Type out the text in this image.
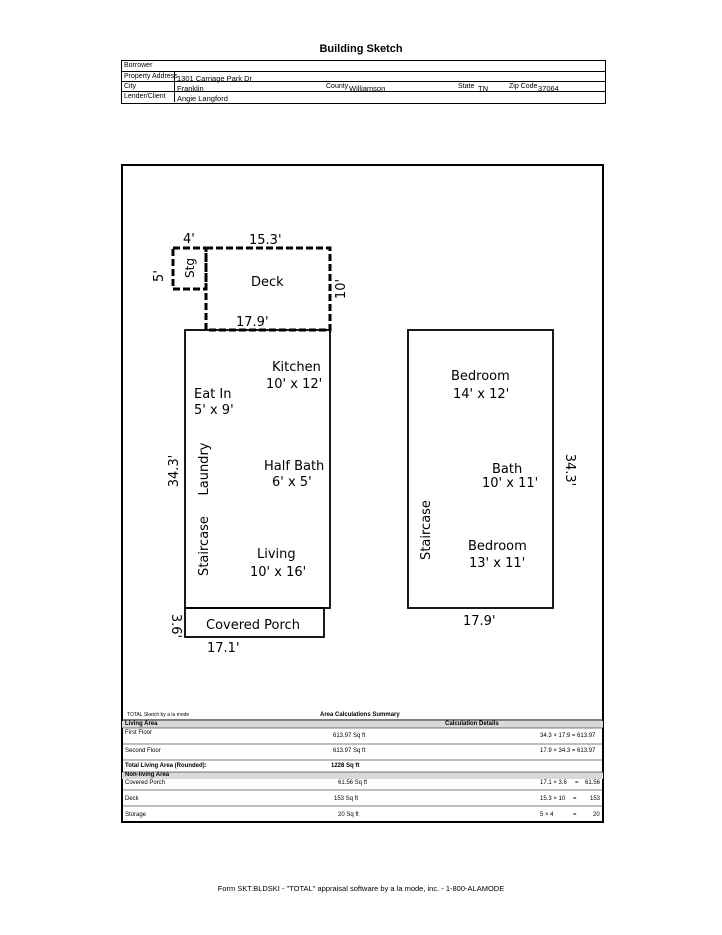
Building Sketch
Borrower
Property Address 1301 Carriage Park Dr
City	Franklin	County Williamson	State TN	Zip Code 37064
Lender/Client Angie Langford
4'	15.3'
5' Stg
Deck	10'
17.9'
Kitchen
10' x 12'
Eat In
5' x 9'
34.3' Laundry	Half Bath
6' x 5'
Staircase	Living
10' x 16'
3.6' Covered Porch
17.1'
Bedroom
14' x 12'
34.3'
Bath
10' x 11'
Staircase	Bedroom
13' x 11'
17.9'
TOTAL Sketch by a la mode	Area Calculations Summary
Living Area	Calculation Details
First Floor	613.97 Sq ft	34.3 × 17.9 = 613.97
Second Floor	613.97 Sq ft	17.9 × 34.3 = 613.97
Total Living Area (Rounded):	1228 Sq ft
Non-living Area
Covered Porch	61.56 Sq ft	17.1 × 3.6 = 61.56
Deck	153 Sq ft	15.3 × 10 = 153
Storage	20 Sq ft	5 × 4	=	20
Form SKT.BLDSKI - "TOTAL" appraisal software by a la mode, inc. - 1-800-ALAMODE
